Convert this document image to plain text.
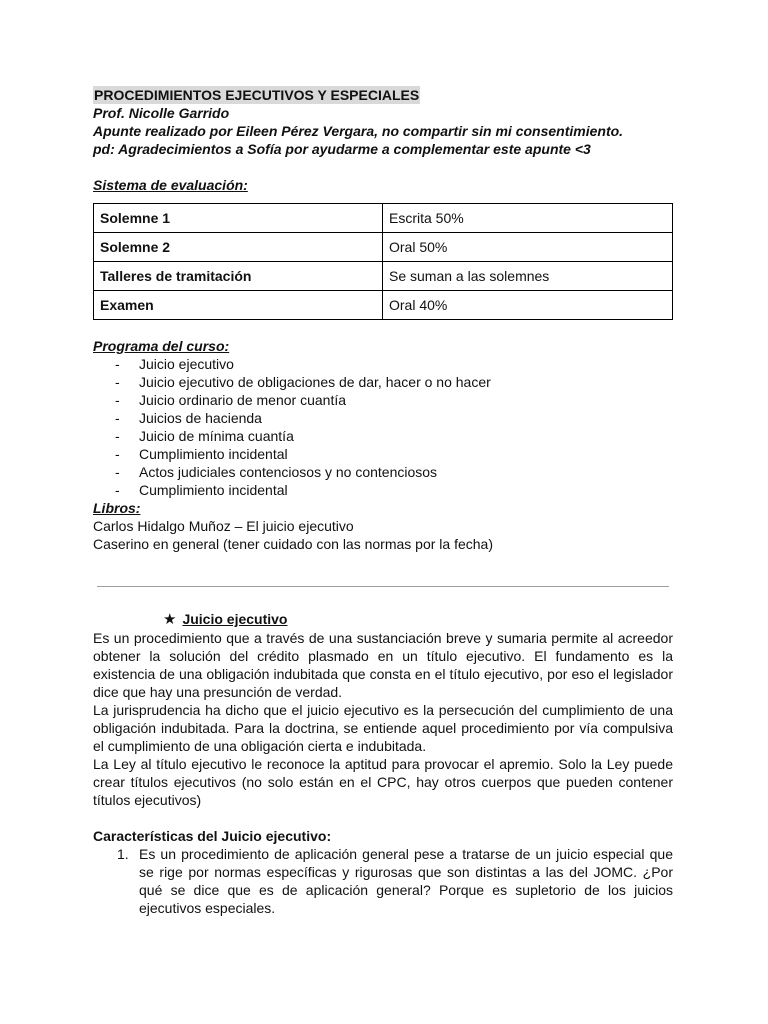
PROCEDIMIENTOS EJECUTIVOS Y ESPECIALES
Prof. Nicolle Garrido
Apunte realizado por Eileen Pérez Vergara, no compartir sin mi consentimiento.
pd: Agradecimientos a Sofía por ayudarme a complementar este apunte <3
Sistema de evaluación:
Solemne 1	Escrita 50%
Solemne 2	Oral 50%
Talleres de tramitación	Se suman a las solemnes
Examen	Oral 40%
Programa del curso:
- Juicio ejecutivo
- Juicio ejecutivo de obligaciones de dar, hacer o no hacer
- Juicio ordinario de menor cuantía
- Juicios de hacienda
- Juicio de mínima cuantía
- Cumplimiento incidental
- Actos judiciales contenciosos y no contenciosos
- Cumplimiento incidental
Libros:
Carlos Hidalgo Muñoz – El juicio ejecutivo
Caserino en general (tener cuidado con las normas por la fecha)
★ Juicio ejecutivo
Es un procedimiento que a través de una sustanciación breve y sumaria permite al acreedor obtener la solución del crédito plasmado en un título ejecutivo. El fundamento es la existencia de una obligación indubitada que consta en el título ejecutivo, por eso el legislador dice que hay una presunción de verdad.
La jurisprudencia ha dicho que el juicio ejecutivo es la persecución del cumplimiento de una obligación indubitada. Para la doctrina, se entiende aquel procedimiento por vía compulsiva el cumplimiento de una obligación cierta e indubitada.
La Ley al título ejecutivo le reconoce la aptitud para provocar el apremio. Solo la Ley puede crear títulos ejecutivos (no solo están en el CPC, hay otros cuerpos que pueden contener títulos ejecutivos)
Características del Juicio ejecutivo:
1. Es un procedimiento de aplicación general pese a tratarse de un juicio especial que se rige por normas específicas y rigurosas que son distintas a las del JOMC. ¿Por qué se dice que es de aplicación general? Porque es supletorio de los juicios ejecutivos especiales.
